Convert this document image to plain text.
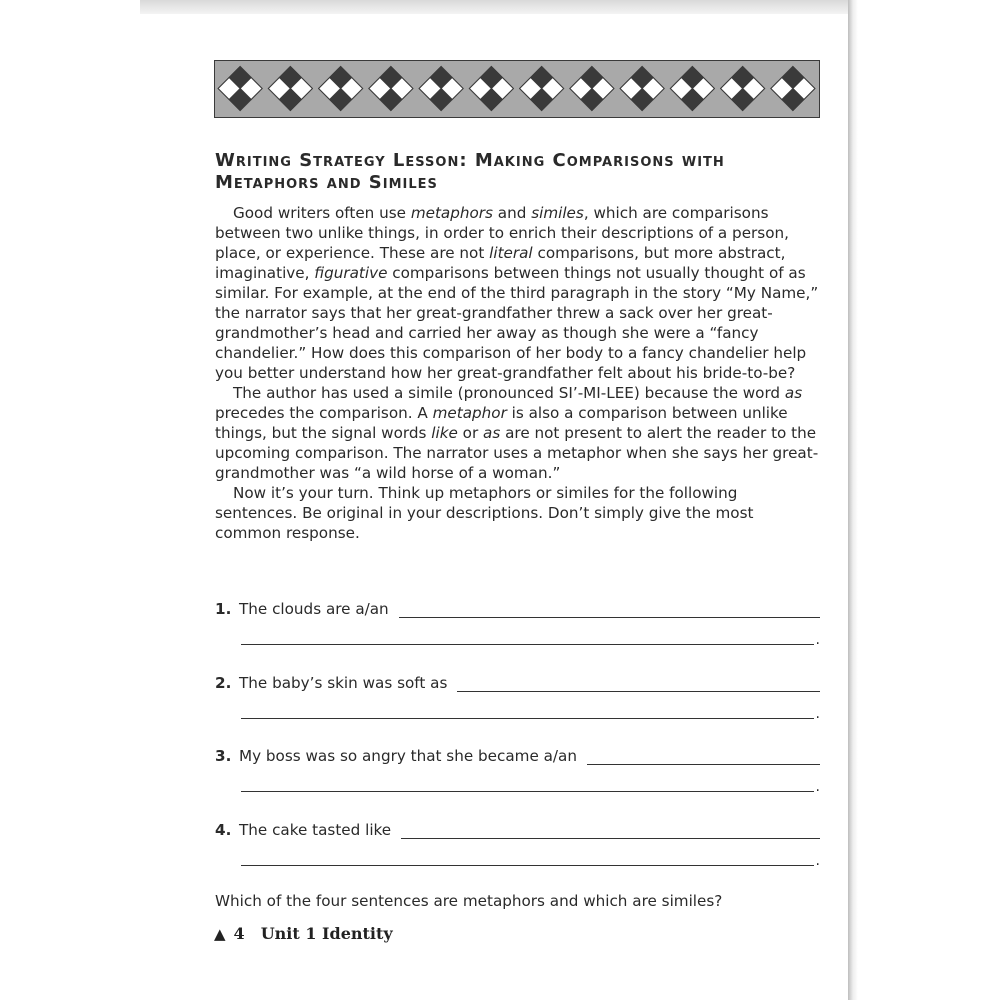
Writing Strategy Lesson: Making Comparisons with Metaphors and Similes

Good writers often use metaphors and similes, which are comparisons between two unlike things, in order to enrich their descriptions of a person, place, or experience. These are not literal comparisons, but more abstract, imaginative, figurative comparisons between things not usually thought of as similar. For example, at the end of the third paragraph in the story “My Name,” the narrator says that her great-grandfather threw a sack over her great-grandmother’s head and carried her away as though she were a “fancy chandelier.” How does this comparison of her body to a fancy chandelier help you better understand how her great-grandfather felt about his bride-to-be?

The author has used a simile (pronounced SI’-MI-LEE) because the word as precedes the comparison. A metaphor is also a comparison between unlike things, but the signal words like or as are not present to alert the reader to the upcoming comparison. The narrator uses a metaphor when she says her great-grandmother was “a wild horse of a woman.”

Now it’s your turn. Think up metaphors or similes for the following sentences. Be original in your descriptions. Don’t simply give the most common response.

1. The clouds are a/an
.
2. The baby’s skin was soft as
.
3. My boss was so angry that she became a/an
.
4. The cake tasted like
.
Which of the four sentences are metaphors and which are similes?
▲ 4 Unit 1 Identity
